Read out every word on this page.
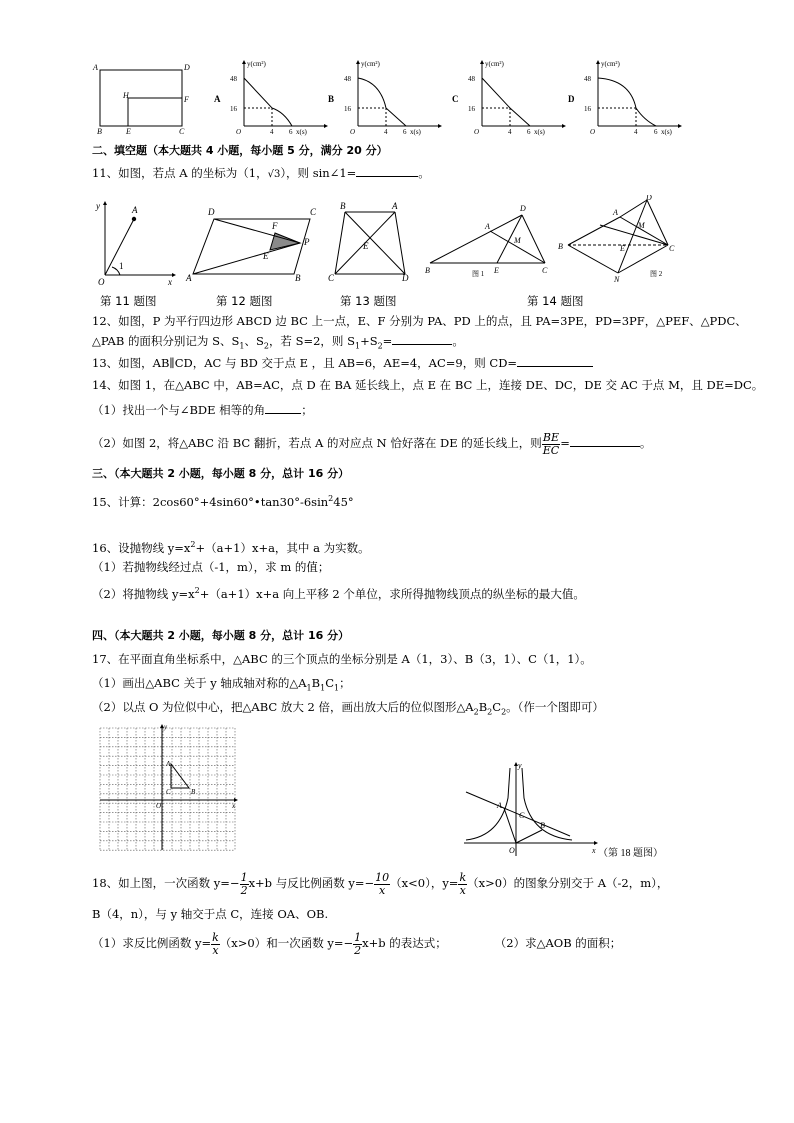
A	D
H	F
B	E	C
A
y(cm²)
48
16
O	4 6 x(s)
B
y(cm²)
48
16
O	4 6 x(s)
C
y(cm²)
48
16
O	4 6 x(s)
D
y(cm²)
48
16
O	4 6 x(s)
二、填空题（本大题共 4 小题，每小题 5 分，满分 20 分）
11、如图，若点 A 的坐标为（1，√3），则 sin∠1=	。
y
x
A
O
1
D	C
F
P
E
A	B
B	A
E
C	D
D
A
M
B	E	C
图 1
D
A
M
B	E	C
N
图 2
第 11 题图	第 12 题图	第 13 题图	第 14 题图
12、如图，P 为平行四边形 ABCD 边 BC 上一点，E、F 分别为 PA、PD 上的点，且 PA=3PE，PD=3PF，△PEF、△PDC、
△PAB 的面积分别记为 S、$S_1$、$S_2$，若 S=2，则 $S_1+S_2=$	。
13、如图，AB∥CD，AC 与 BD 交于点 E ，且 AB=6，AE=4，AC=9，则 CD=
14、如图 1，在△ABC 中，AB=AC，点 D 在 BA 延长线上，点 E 在 BC 上，连接 DE、DC，DE 交 AC 于点 M，且 DE=DC。
（1）找出一个与∠BDE 相等的角	；
（2）如图 2，将△ABC 沿 BC 翻折，若点 A 的对应点 N 恰好落在 DE 的延长线上，则 $\frac{BE}{EC}$ =	。
三、（本大题共 2 小题，每小题 8 分，总计 16 分）
15、计算：$2\cos 60^\circ+4\sin 60^\circ•\tan 30^\circ-6\sin^245^\circ$
16、设抛物线 $y=x^2+(a+1)x+a$，其中 a 为实数。
（1）若抛物线经过点（-1，m），求 m 的值；
（2）将抛物线 $y=x^2+(a+1)x+a$ 向上平移 2 个单位，求所得抛物线顶点的纵坐标的最大值。
四、（本大题共 2 小题，每小题 8 分，总计 16 分）
17、在平面直角坐标系中，△ABC 的三个顶点的坐标分别是 A（1，3）、B（3，1）、C（1，1）。
（1）画出△ABC 关于 y 轴成轴对称的$\triangle A_1B_1C_1$；
（2）以点 O 为位似中心，把△ABC 放大 2 倍，画出放大后的位似图形$\triangle A_2B_2C_2$。（作一个图即可）
y
x
A
C	B
O
y
x
A
C
B
O	（第 18 题图）
18、如上图，一次函数 $y=- \frac{1}{2} x+b$ 与反比例函数 $y=- \frac{10}{x} (x<0)$，$y= \frac{k}{x} (x>0)$的图象分别交于 A（-2，m），
B（4，n），与 y 轴交于点 C，连接 OA、OB.
（1）求反比例函数 $y= \frac{k}{x} (x>0)$和一次函数 $y=- \frac{1}{2} x+b$ 的表达式；	（2）求△AOB 的面积；
